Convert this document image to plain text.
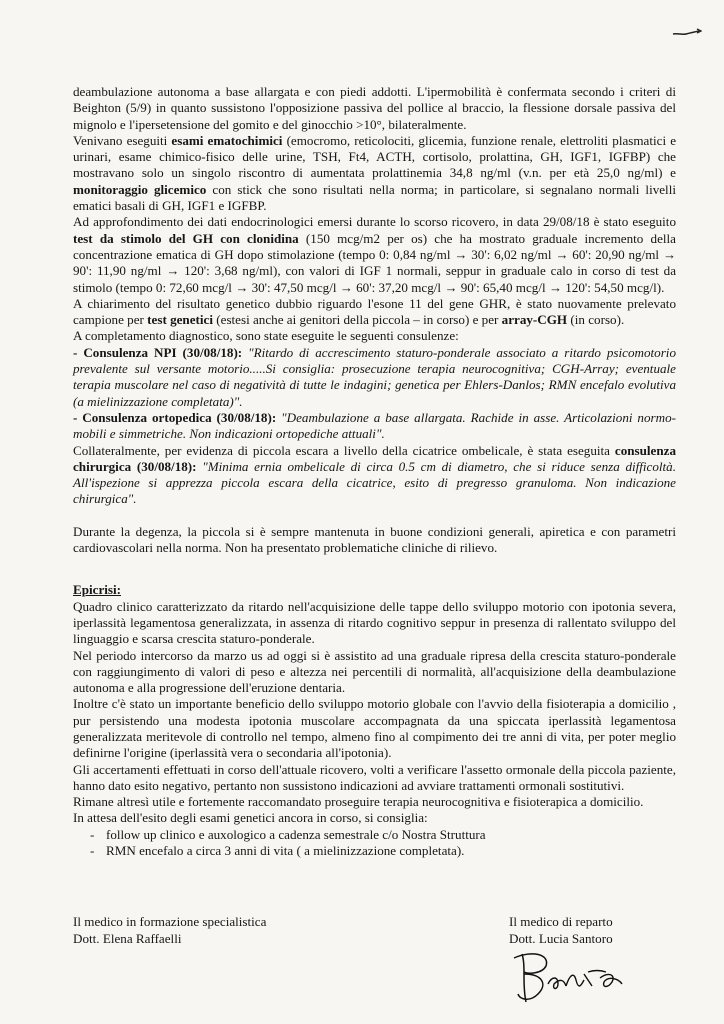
deambulazione autonoma a base allargata e con piedi addotti. L'ipermobilità è confermata secondo i criteri di Beighton (5/9) in quanto sussistono l'opposizione passiva del pollice al braccio, la flessione dorsale passiva del mignolo e l'ipersetensione del gomito e del ginocchio >10°, bilateralmente.

Venivano eseguiti esami ematochimici (emocromo, reticolociti, glicemia, funzione renale, elettroliti plasmatici e urinari, esame chimico-fisico delle urine, TSH, Ft4, ACTH, cortisolo, prolattina, GH, IGF1, IGFBP) che mostravano solo un singolo riscontro di aumentata prolattinemia 34,8 ng/ml (v.n. per età 25,0 ng/ml) e monitoraggio glicemico con stick che sono risultati nella norma; in particolare, si segnalano normali livelli ematici basali di GH, IGF1 e IGFBP.

Ad approfondimento dei dati endocrinologici emersi durante lo scorso ricovero, in data 29/08/18 è stato eseguito test da stimolo del GH con clonidina (150 mcg/m2 per os) che ha mostrato graduale incremento della concentrazione ematica di GH dopo stimolazione (tempo 0: 0,84 ng/ml → 30': 6,02 ng/ml → 60': 20,90 ng/ml → 90': 11,90 ng/ml → 120': 3,68 ng/ml), con valori di IGF 1 normali, seppur in graduale calo in corso di test da stimolo (tempo 0: 72,60 mcg/l → 30': 47,50 mcg/l → 60': 37,20 mcg/l → 90': 65,40 mcg/l → 120': 54,50 mcg/l).

A chiarimento del risultato genetico dubbio riguardo l'esone 11 del gene GHR, è stato nuovamente prelevato campione per test genetici (estesi anche ai genitori della piccola – in corso) e per array-CGH (in corso).

A completamento diagnostico, sono state eseguite le seguenti consulenze:

- Consulenza NPI (30/08/18): "Ritardo di accrescimento staturo-ponderale associato a ritardo psicomotorio prevalente sul versante motorio.....Si consiglia: prosecuzione terapia neurocognitiva; CGH-Array; eventuale terapia muscolare nel caso di negatività di tutte le indagini; genetica per Ehlers-Danlos; RMN encefalo evolutiva (a mielinizzazione completata)".

- Consulenza ortopedica (30/08/18): "Deambulazione a base allargata. Rachide in asse. Articolazioni normo-mobili e simmetriche. Non indicazioni ortopediche attuali".

Collateralmente, per evidenza di piccola escara a livello della cicatrice ombelicale, è stata eseguita consulenza chirurgica (30/08/18): "Minima ernia ombelicale di circa 0.5 cm di diametro, che si riduce senza difficoltà. All'ispezione si apprezza piccola escara della cicatrice, esito di pregresso granuloma. Non indicazione chirurgica".

Durante la degenza, la piccola si è sempre mantenuta in buone condizioni generali, apiretica e con parametri cardiovascolari nella norma. Non ha presentato problematiche cliniche di rilievo.

Epicrisi:

Quadro clinico caratterizzato da ritardo nell'acquisizione delle tappe dello sviluppo motorio con ipotonia severa, iperlassità legamentosa generalizzata, in assenza di ritardo cognitivo seppur in presenza di rallentato sviluppo del linguaggio e scarsa crescita staturo-ponderale.

Nel periodo intercorso da marzo us ad oggi si è assistito ad una graduale ripresa della crescita staturo-ponderale con raggiungimento di valori di peso e altezza nei percentili di normalità, all'acquisizione della deambulazione autonoma e alla progressione dell'eruzione dentaria.

Inoltre c'è stato un importante beneficio dello sviluppo motorio globale con l'avvio della fisioterapia a domicilio , pur persistendo una modesta ipotonia muscolare accompagnata da una spiccata iperlassità legamentosa generalizzata meritevole di controllo nel tempo, almeno fino al compimento dei tre anni di vita, per poter meglio definirne l'origine (iperlassità vera o secondaria all'ipotonia).

Gli accertamenti effettuati in corso dell'attuale ricovero, volti a verificare l'assetto ormonale della piccola paziente, hanno dato esito negativo, pertanto non sussistono indicazioni ad avviare trattamenti ormonali sostitutivi.

Rimane altresì utile e fortemente raccomandato proseguire terapia neurocognitiva e fisioterapica a domicilio.

In attesa dell'esito degli esami genetici ancora in corso, si consiglia:

- follow up clinico e auxologico a cadenza semestrale c/o Nostra Struttura
- RMN encefalo a circa 3 anni di vita ( a mielinizzazione completata).
Il medico in formazione specialistica
Dott. Elena Raffaelli
Il medico di reparto
Dott. Lucia Santoro
